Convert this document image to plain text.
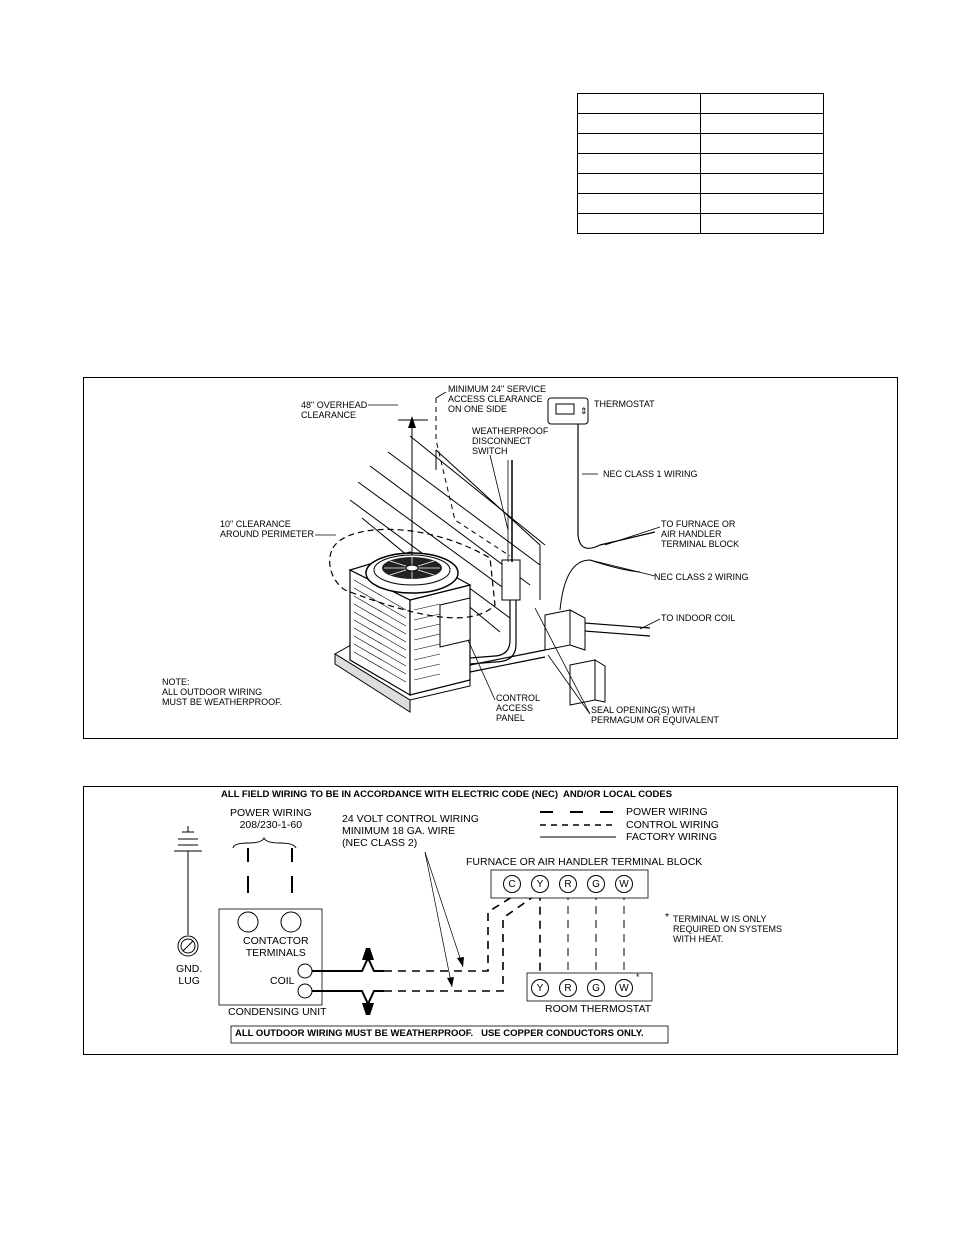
⇕
48" OVERHEAD
CLEARANCE
MINIMUM 24" SERVICE
ACCESS CLEARANCE
ON ONE SIDE	THERMOSTAT
WEATHERPROOF
DISCONNECT
SWITCH
NEC CLASS 1 WIRING
10" CLEARANCE
AROUND PERIMETER
TO FURNACE OR
AIR HANDLER
TERMINAL BLOCK
NEC CLASS 2 WIRING
TO INDOOR COIL
NOTE:
ALL OUTDOOR WIRING
MUST BE WEATHERPROOF.	CONTROL
ACCESS
PANEL
SEAL OPENING(S) WITH
PERMAGUM OR EQUIVALENT
ALL FIELD WIRING TO BE IN ACCORDANCE WITH ELECTRIC CODE (NEC)  AND/OR LOCAL CODES
POWER WIRING
208/230-1-60	24 VOLT CONTROL WIRING
MINIMUM 18 GA. WIRE
(NEC CLASS 2)
POWER WIRING
CONTROL WIRING
FACTORY WIRING
FURNACE OR AIR HANDLER TERMINAL BLOCK
C	Y	R	G	W
Y	R	G	W
* TERMINAL W IS ONLY
REQUIRED ON SYSTEMS
WITH HEAT.
*
GND.
LUG
CONTACTOR
TERMINALS
COIL
CONDENSING UNIT	ROOM THERMOSTAT
ALL OUTDOOR WIRING MUST BE WEATHERPROOF.   USE COPPER CONDUCTORS ONLY.
